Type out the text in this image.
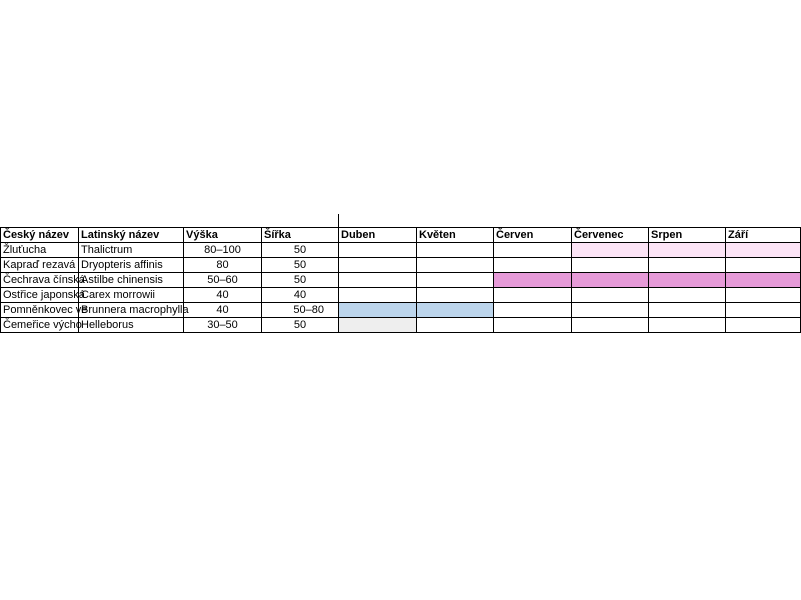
Český název	Latinský název	Výška	Šířka	Duben	Květen	Červen	Červenec	Srpen	Září
Žluťucha	Thalictrum	80–100	50						
Kapraď rezavá	Dryopteris affinis	80	50						
Čechrava čínská	Astilbe chinensis	50–60	50						
Ostřice japonská	Carex morrowii	40	40						
Pomněnkovec ve	Brunnera macrophylla	40	50–80						
Čemeřice výcho	Helleborus	30–50	50						
